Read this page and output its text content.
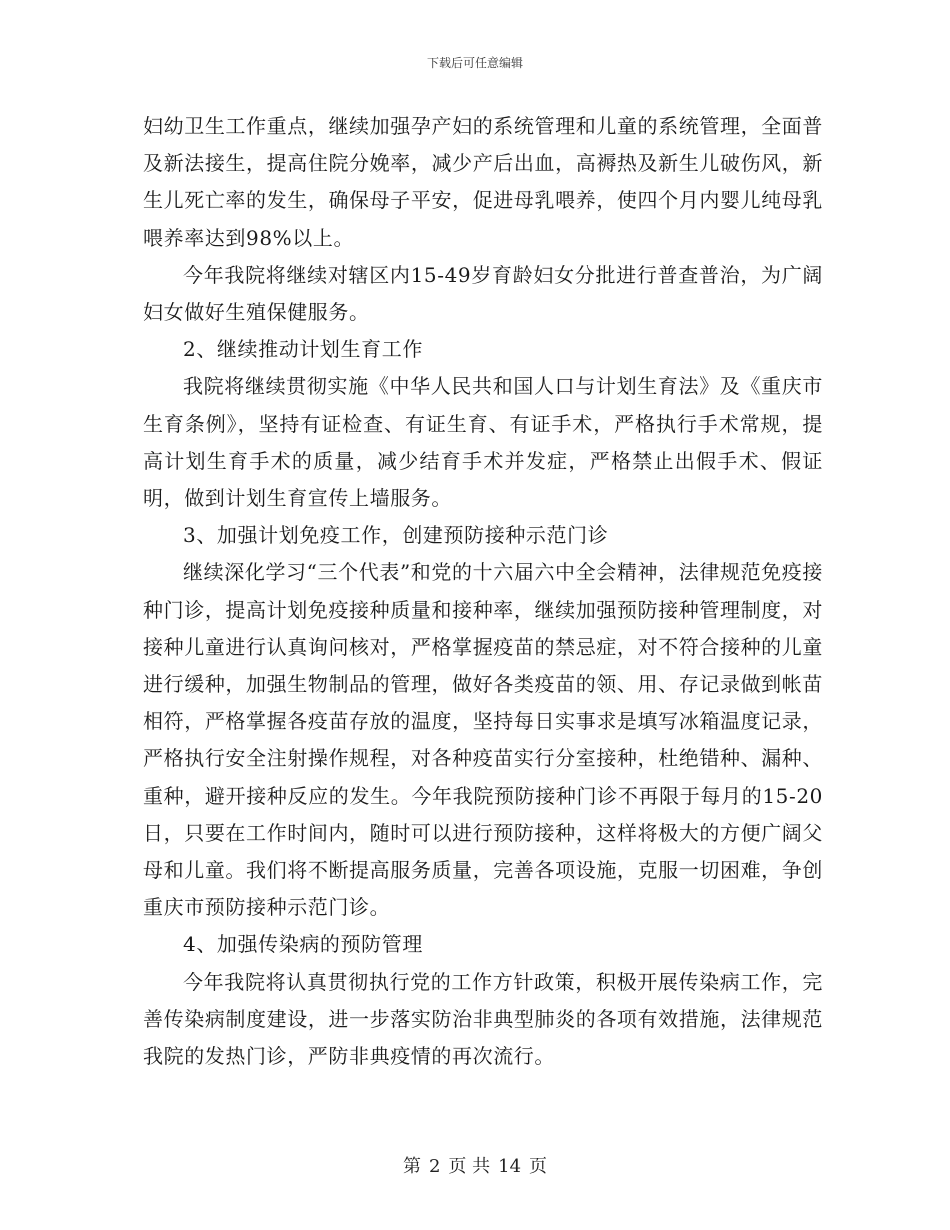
下载后可任意编辑

妇幼卫生工作重点，继续加强孕产妇的系统管理和儿童的系统管理，全面普及新法接生，提高住院分娩率，减少产后出血，高褥热及新生儿破伤风，新生儿死亡率的发生，确保母子平安，促进母乳喂养，使四个月内婴儿纯母乳喂养率达到98%以上。

今年我院将继续对辖区内15-49岁育龄妇女分批进行普查普治，为广阔妇女做好生殖保健服务。

2、继续推动计划生育工作

我院将继续贯彻实施《中华人民共和国人口与计划生育法》及《重庆市生育条例》，坚持有证检查、有证生育、有证手术，严格执行手术常规，提高计划生育手术的质量，减少结育手术并发症，严格禁止出假手术、假证明，做到计划生育宣传上墙服务。

3、加强计划免疫工作，创建预防接种示范门诊

继续深化学习“三个代表”和党的十六届六中全会精神，法律规范免疫接种门诊，提高计划免疫接种质量和接种率，继续加强预防接种管理制度，对接种儿童进行认真询问核对，严格掌握疫苗的禁忌症，对不符合接种的儿童进行缓种，加强生物制品的管理，做好各类疫苗的领、用、存记录做到帐苗相符，严格掌握各疫苗存放的温度，坚持每日实事求是填写冰箱温度记录，严格执行安全注射操作规程，对各种疫苗实行分室接种，杜绝错种、漏种、重种，避开接种反应的发生。今年我院预防接种门诊不再限于每月的15-20日，只要在工作时间内，随时可以进行预防接种，这样将极大的方便广阔父母和儿童。我们将不断提高服务质量，完善各项设施，克服一切困难，争创重庆市预防接种示范门诊。

4、加强传染病的预防管理

今年我院将认真贯彻执行党的工作方针政策，积极开展传染病工作，完善传染病制度建设，进一步落实防治非典型肺炎的各项有效措施，法律规范我院的发热门诊，严防非典疫情的再次流行。

第 2 页 共 14 页
